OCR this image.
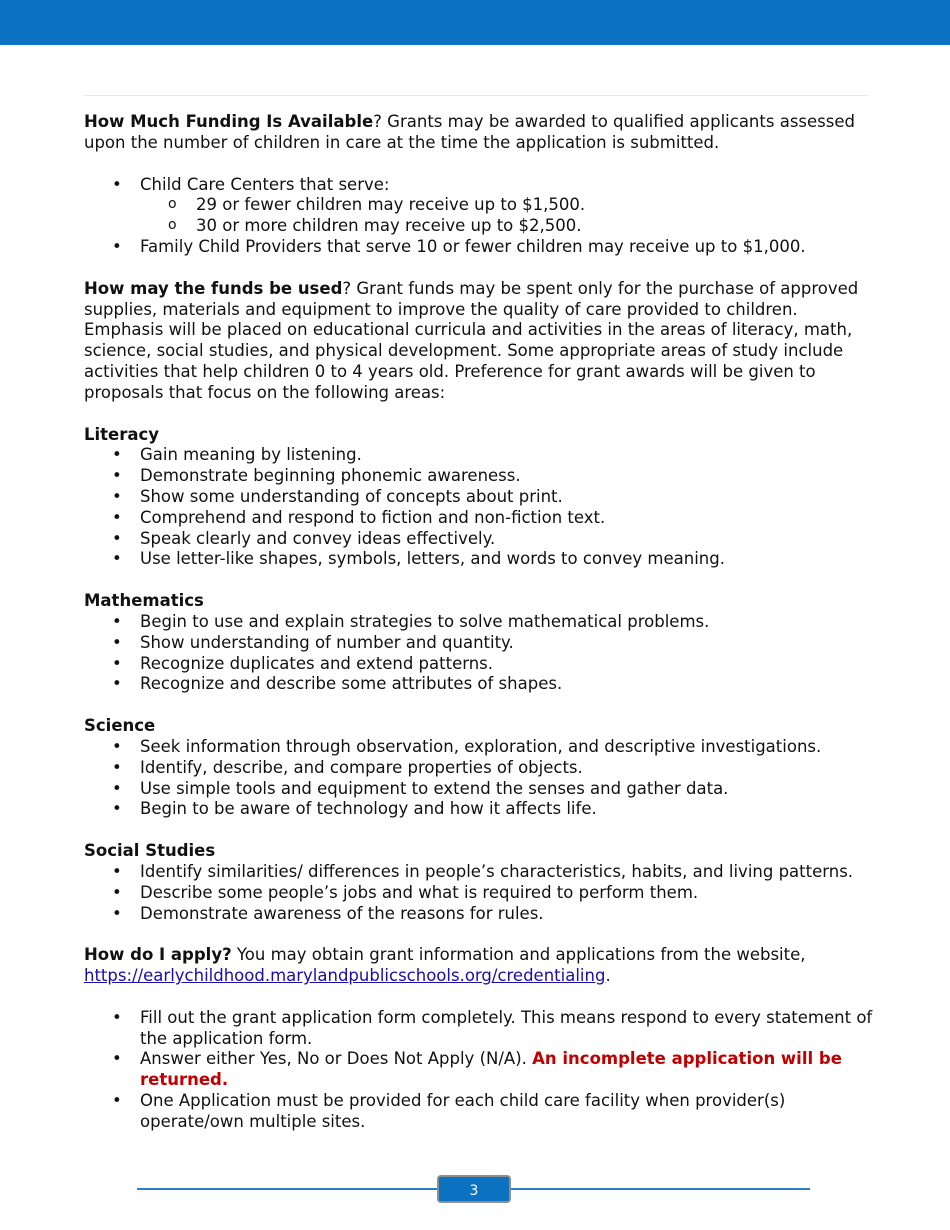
How Much Funding Is Available? Grants may be awarded to qualified applicants assessed upon the number of children in care at the time the application is submitted.

• Child Care Centers that serve:
o 29 or fewer children may receive up to $1,500.
o 30 or more children may receive up to $2,500.
• Family Child Providers that serve 10 or fewer children may receive up to $1,000.

How may the funds be used? Grant funds may be spent only for the purchase of approved supplies, materials and equipment to improve the quality of care provided to children. Emphasis will be placed on educational curricula and activities in the areas of literacy, math, science, social studies, and physical development. Some appropriate areas of study include activities that help children 0 to 4 years old. Preference for grant awards will be given to proposals that focus on the following areas:

Literacy
• Gain meaning by listening.
• Demonstrate beginning phonemic awareness.
• Show some understanding of concepts about print.
• Comprehend and respond to fiction and non-fiction text.
• Speak clearly and convey ideas effectively.
• Use letter-like shapes, symbols, letters, and words to convey meaning.
Mathematics
• Begin to use and explain strategies to solve mathematical problems.
• Show understanding of number and quantity.
• Recognize duplicates and extend patterns.
• Recognize and describe some attributes of shapes.
Science
• Seek information through observation, exploration, and descriptive investigations.
• Identify, describe, and compare properties of objects.
• Use simple tools and equipment to extend the senses and gather data.
• Begin to be aware of technology and how it affects life.
Social Studies
• Identify similarities/ differences in people’s characteristics, habits, and living patterns.
• Describe some people’s jobs and what is required to perform them.
• Demonstrate awareness of the reasons for rules.

How do I apply? You may obtain grant information and applications from the website,
https://earlychildhood.marylandpublicschools.org/credentialing.

• Fill out the grant application form completely. This means respond to every statement of the application form.
• Answer either Yes, No or Does Not Apply (N/A). An incomplete application will be returned.
• One Application must be provided for each child care facility when provider(s) operate/own multiple sites.
3
